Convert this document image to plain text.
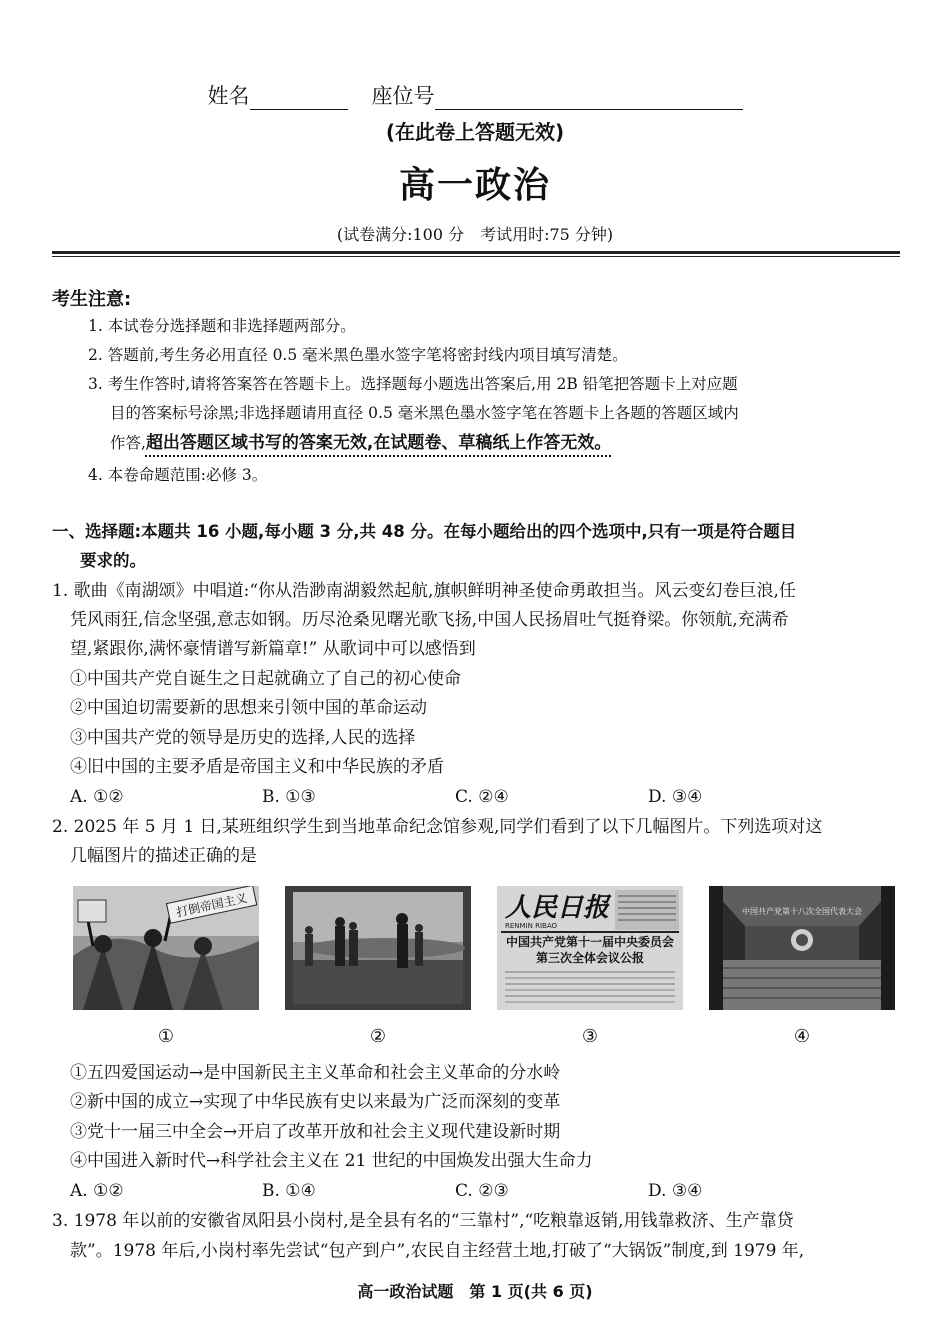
姓名	座位号
(在此卷上答题无效)
高一政治
(试卷满分:100 分　考试用时:75 分钟)
考生注意:
1. 本试卷分选择题和非选择题两部分。
2. 答题前,考生务必用直径 0.5 毫米黑色墨水签字笔将密封线内项目填写清楚。
3. 考生作答时,请将答案答在答题卡上。选择题每小题选出答案后,用 2B 铅笔把答题卡上对应题
目的答案标号涂黑;非选择题请用直径 0.5 毫米黑色墨水签字笔在答题卡上各题的答题区域内
作答,超出答题区域书写的答案无效,在试题卷、草稿纸上作答无效。
4. 本卷命题范围:必修 3。
一、选择题:本题共 16 小题,每小题 3 分,共 48 分。在每小题给出的四个选项中,只有一项是符合题目
要求的。
1. 歌曲《南湖颂》中唱道:“你从浩渺南湖毅然起航,旗帜鲜明神圣使命勇敢担当。风云变幻卷巨浪,任
凭风雨狂,信念坚强,意志如钢。历尽沧桑见曙光歌飞扬,中国人民扬眉吐气挺脊梁。你领航,充满希
望,紧跟你,满怀豪情谱写新篇章!” 从歌词中可以感悟到
①中国共产党自诞生之日起就确立了自己的初心使命
②中国迫切需要新的思想来引领中国的革命运动
③中国共产党的领导是历史的选择,人民的选择
④旧中国的主要矛盾是帝国主义和中华民族的矛盾
A. ①②	B. ①③	C. ②④	D. ③④
2. 2025 年 5 月 1 日,某班组织学生到当地革命纪念馆参观,同学们看到了以下几幅图片。下列选项对这
几幅图片的描述正确的是
打倒帝国主义	人民日报
RENMIN RIBAO
中国共产党第十一届中央委员会
第三次全体会议公报
中国共产党第十八次全国代表大会
①	②	③	④
①五四爱国运动→是中国新民主主义革命和社会主义革命的分水岭
②新中国的成立→实现了中华民族有史以来最为广泛而深刻的变革
③党十一届三中全会→开启了改革开放和社会主义现代建设新时期
④中国进入新时代→科学社会主义在 21 世纪的中国焕发出强大生命力
A. ①②	B. ①④	C. ②③	D. ③④
3. 1978 年以前的安徽省凤阳县小岗村,是全县有名的“三靠村”,“吃粮靠返销,用钱靠救济、生产靠贷
款”。1978 年后,小岗村率先尝试“包产到户”,农民自主经营土地,打破了“大锅饭”制度,到 1979 年,
高一政治试题　第 1 页(共 6 页)
